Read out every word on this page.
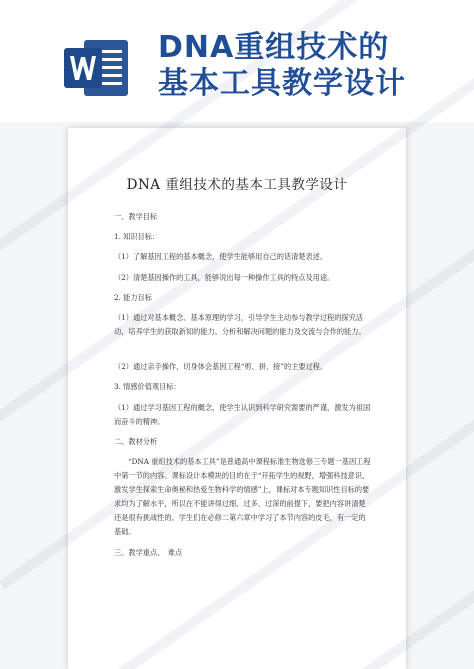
DNA重组技术的
基本工具教学设计
DNA 重组技术的基本工具教学设计

一、教学目标

1. 知识目标：

（1）了解基因工程的基本概念，使学生能够用自己的话清楚表述。

（2）清楚基因操作的工具，能够说出每一种操作工具的特点及用途。

2. 能力目标

（1）通过对基本概念、基本原理的学习，引导学生主动参与教学过程的探究活动，培养学生的获取新知的能力、分析和解决问题的能力及交流与合作的能力。

（2）通过亲手操作，切身体会基因工程“剪、拼、接”的主要过程。

3. 情感价值观目标：

（1）通过学习基因工程的概念，使学生认识到科学研究需要的严谨，激发为祖国而奋斗的精神。

二、教材分析

“DNA 重组技术的基本工具”是普通高中课程标准生物选修三专题一基因工程中第一节的内容。课标设计本模块的目的在于“开拓学生的视野，增强科技意识，激发学生探索生命奥秘和热爱生物科学的情感”上，课标对本专题知识性目标的要求均为了解水平，所以在不能讲得过细、过多、过深的前提下，要把内容讲清楚还是很有挑战性的。学生们在必修二第六章中学习了本节内容的皮毛，有一定的基础。

三、教学重点、　难点
